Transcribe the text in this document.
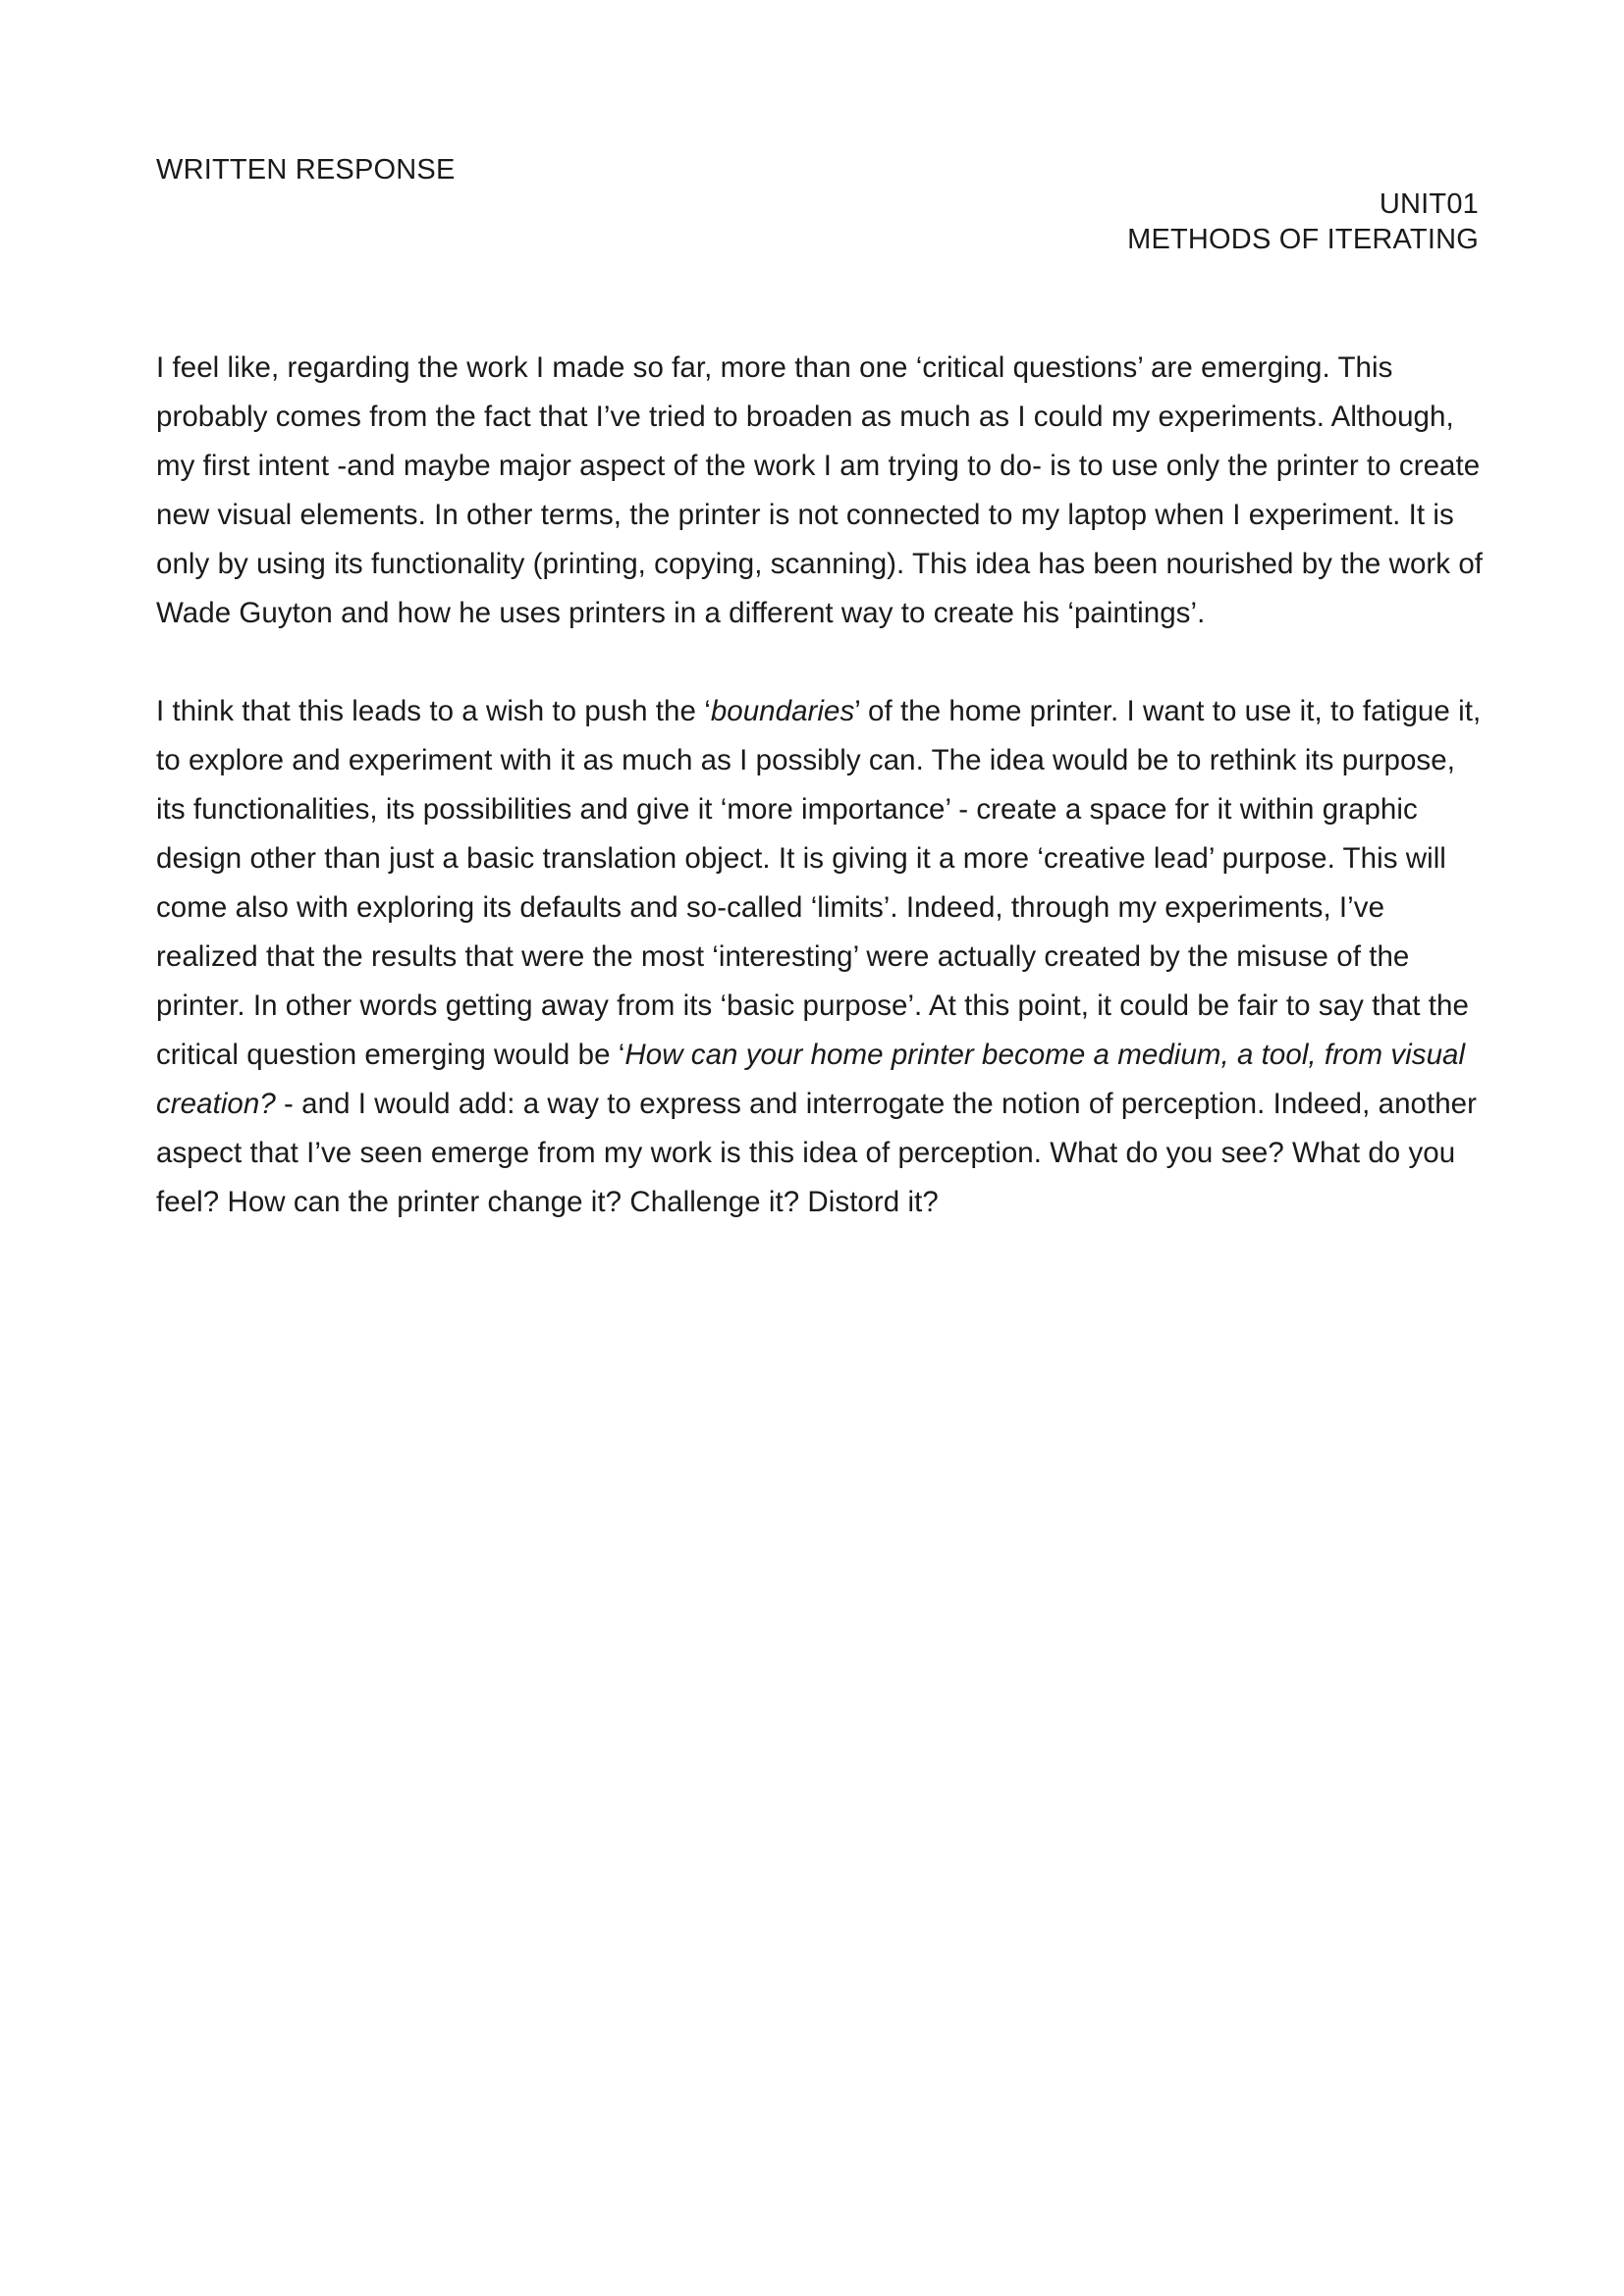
WRITTEN RESPONSE
UNIT01
METHODS OF ITERATING

I feel like, regarding the work I made so far, more than one ‘critical questions’ are emerging. This probably comes from the fact that I’ve tried to broaden as much as I could my experiments. Although, my first intent -and maybe major aspect of the work I am trying to do- is to use only the printer to create new visual elements. In other terms, the printer is not connected to my laptop when I experiment. It is only by using its functionality (printing, copying, scanning). This idea has been nourished by the work of Wade Guyton and how he uses printers in a different way to create his ‘paintings’.

I think that this leads to a wish to push the ‘boundaries’ of the home printer. I want to use it, to fatigue it, to explore and experiment with it as much as I possibly can. The idea would be to rethink its purpose, its functionalities, its possibilities and give it ‘more importance’ - create a space for it within graphic design other than just a basic translation object. It is giving it a more ‘creative lead’ purpose. This will come also with exploring its defaults and so-called ‘limits’. Indeed, through my experiments, I’ve realized that the results that were the most ‘interesting’ were actually created by the misuse of the printer. In other words getting away from its ‘basic purpose’. At this point, it could be fair to say that the critical question emerging would be ‘How can your home printer become a medium, a tool, from visual creation? - and I would add: a way to express and interrogate the notion of perception. Indeed, another aspect that I’ve seen emerge from my work is this idea of perception. What do you see? What do you feel? How can the printer change it? Challenge it? Distord it?
